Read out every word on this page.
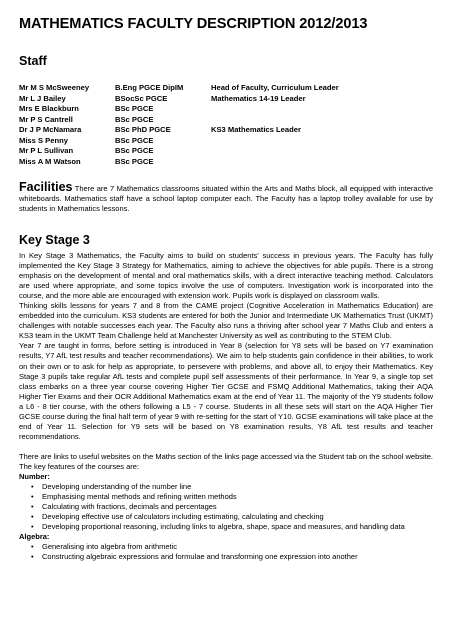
MATHEMATICS FACULTY DESCRIPTION 2012/2013
Staff
Mr M S McSweeney	B.Eng PGCE DipIM	Head of Faculty, Curriculum Leader
Mr L J Bailey	BSocSc PGCE	Mathematics 14-19 Leader
Mrs E Blackburn	BSc PGCE
Mr P S Cantrell	BSc PGCE
Dr J P McNamara	BSc PhD PGCE	KS3 Mathematics Leader
Miss S Penny	BSc PGCE
Mr P L Sullivan	BSc PGCE
Miss A M Watson	BSc PGCE
Facilities There are 7 Mathematics classrooms situated within the Arts and Maths block, all equipped with interactive whiteboards. Mathematics staff have a school laptop computer each. The Faculty has a laptop trolley available for use by students in Mathematics lessons.
Key Stage 3

In Key Stage 3 Mathematics, the Faculty aims to build on students' success in previous years. The Faculty has fully implemented the Key Stage 3 Strategy for Mathematics, aiming to achieve the objectives for able pupils. There is a strong emphasis on the development of mental and oral mathematics skills, with a direct interactive teaching method. Calculators are used where appropriate, and some topics involve the use of computers. Investigation work is incorporated into the course, and the more able are encouraged with extension work. Pupils work is displayed on classroom walls.

Thinking skills lessons for years 7 and 8 from the CAME project (Cognitive Acceleration in Mathematics Education) are embedded into the curriculum. KS3 students are entered for both the Junior and Intermediate UK Mathematics Trust (UKMT) challenges with notable successes each year. The Faculty also runs a thriving after school year 7 Maths Club and enters a KS3 team in the UKMT Team Challenge held at Manchester University as well as contributing to the STEM Club.

Year 7 are taught in forms, before setting is introduced in Year 8 (selection for Y8 sets will be based on Y7 examination results, Y7 AfL test results and teacher recommendations). We aim to help students gain confidence in their abilities, to work on their own or to ask for help as appropriate, to persevere with problems, and above all, to enjoy their Mathematics. Key Stage 3 pupils take regular AfL tests and complete pupil self assessments of their performance. In Year 9, a single top set class embarks on a three year course covering Higher Tier GCSE and FSMQ Additional Mathematics, taking their AQA Higher Tier Exams and their OCR Additional Mathematics exam at the end of Year 11. The majority of the Y9 students follow a L6 - 8 tier course, with the others following a L5 - 7 course. Students in all these sets will start on the AQA Higher Tier GCSE course during the final half term of year 9 with re-setting for the start of Y10. GCSE examinations will take place at the end of Year 11. Selection for Y9 sets will be based on Y8 examination results, Y8 AfL test results and teacher recommendations.

There are links to useful websites on the Maths section of the links page accessed via the Student tab on the school website. The key features of the courses are:

Number:
• Developing understanding of the number line
• Emphasising mental methods and refining written methods
• Calculating with fractions, decimals and percentages
• Developing effective use of calculators including estimating, calculating and checking
• Developing proportional reasoning, including links to algebra, shape, space and measures, and handling data
Algebra:
• Generalising into algebra from arithmetic
• Constructing algebraic expressions and formulae and transforming one expression into another
